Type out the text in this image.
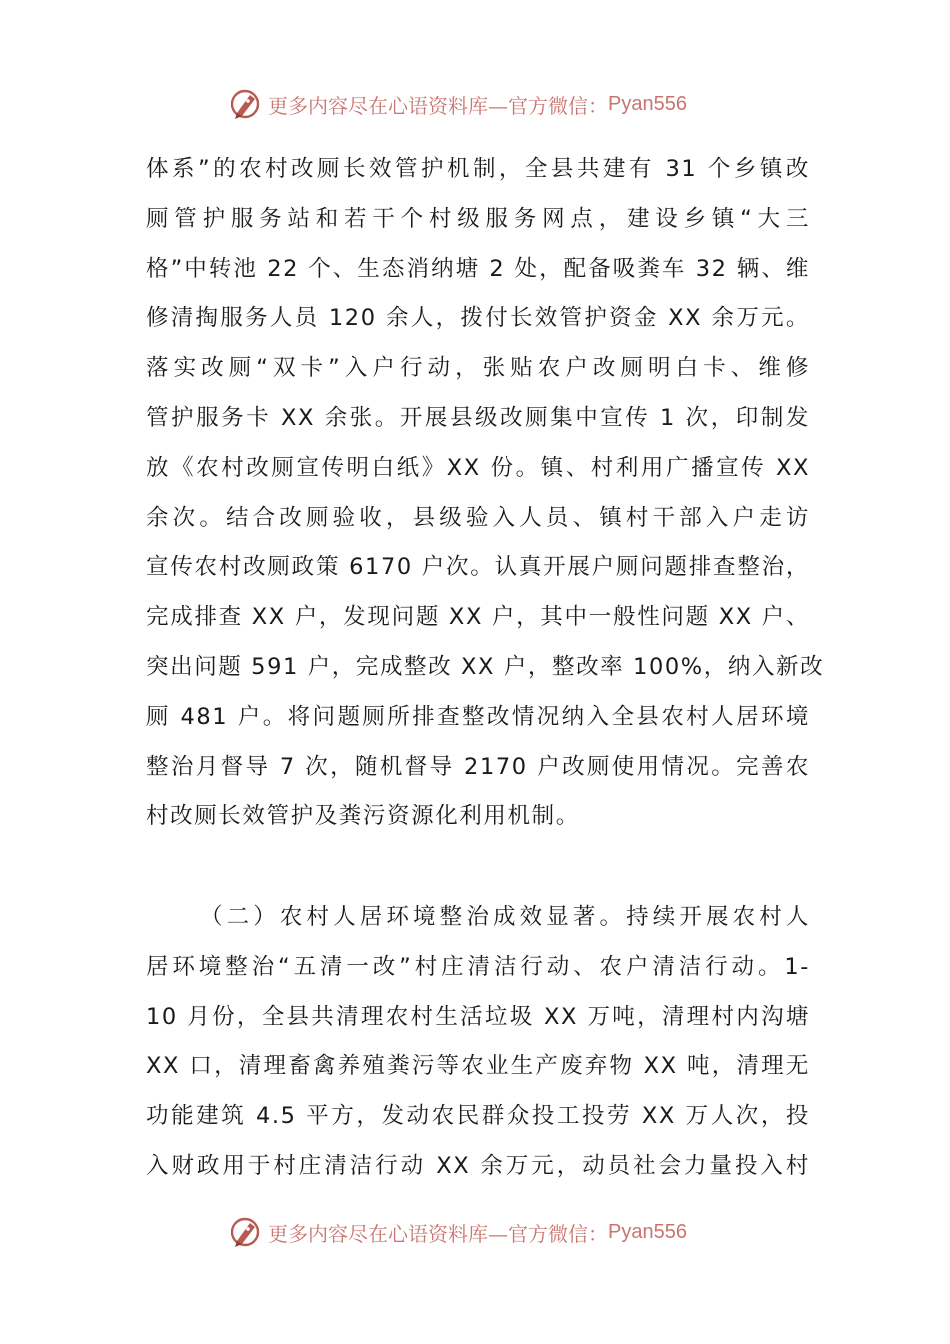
更多内容尽在心语资料库—官方微信： Pyan556
体系”的农村改厕长效管护机制，全县共建有 31 个乡镇改
厕管护服务站和若干个村级服务网点，建设乡镇“大三
格”中转池 22 个、生态消纳塘 2 处，配备吸粪车 32 辆、维
修清掏服务人员 120 余人，拨付长效管护资金 XX 余万元。
落实改厕“双卡”入户行动，张贴农户改厕明白卡、维修
管护服务卡 XX 余张。开展县级改厕集中宣传 1 次，印制发
放《农村改厕宣传明白纸》XX 份。镇、村利用广播宣传 XX
余次。结合改厕验收，县级验入人员、镇村干部入户走访
宣传农村改厕政策 6170 户次。认真开展户厕问题排查整治，
完成排查 XX 户，发现问题 XX 户，其中一般性问题 XX 户、
突出问题 591 户，完成整改 XX 户，整改率 100%，纳入新改
厕 481 户。将问题厕所排查整改情况纳入全县农村人居环境
整治月督导 7 次，随机督导 2170 户改厕使用情况。完善农
村改厕长效管护及粪污资源化利用机制。
（二）农村人居环境整治成效显著。持续开展农村人
居环境整治“五清一改”村庄清洁行动、农户清洁行动。1-
10 月份，全县共清理农村生活垃圾 XX 万吨，清理村内沟塘
XX 口，清理畜禽养殖粪污等农业生产废弃物 XX 吨，清理无
功能建筑 4.5 平方，发动农民群众投工投劳 XX 万人次，投
入财政用于村庄清洁行动 XX 余万元，动员社会力量投入村
更多内容尽在心语资料库—官方微信： Pyan556
